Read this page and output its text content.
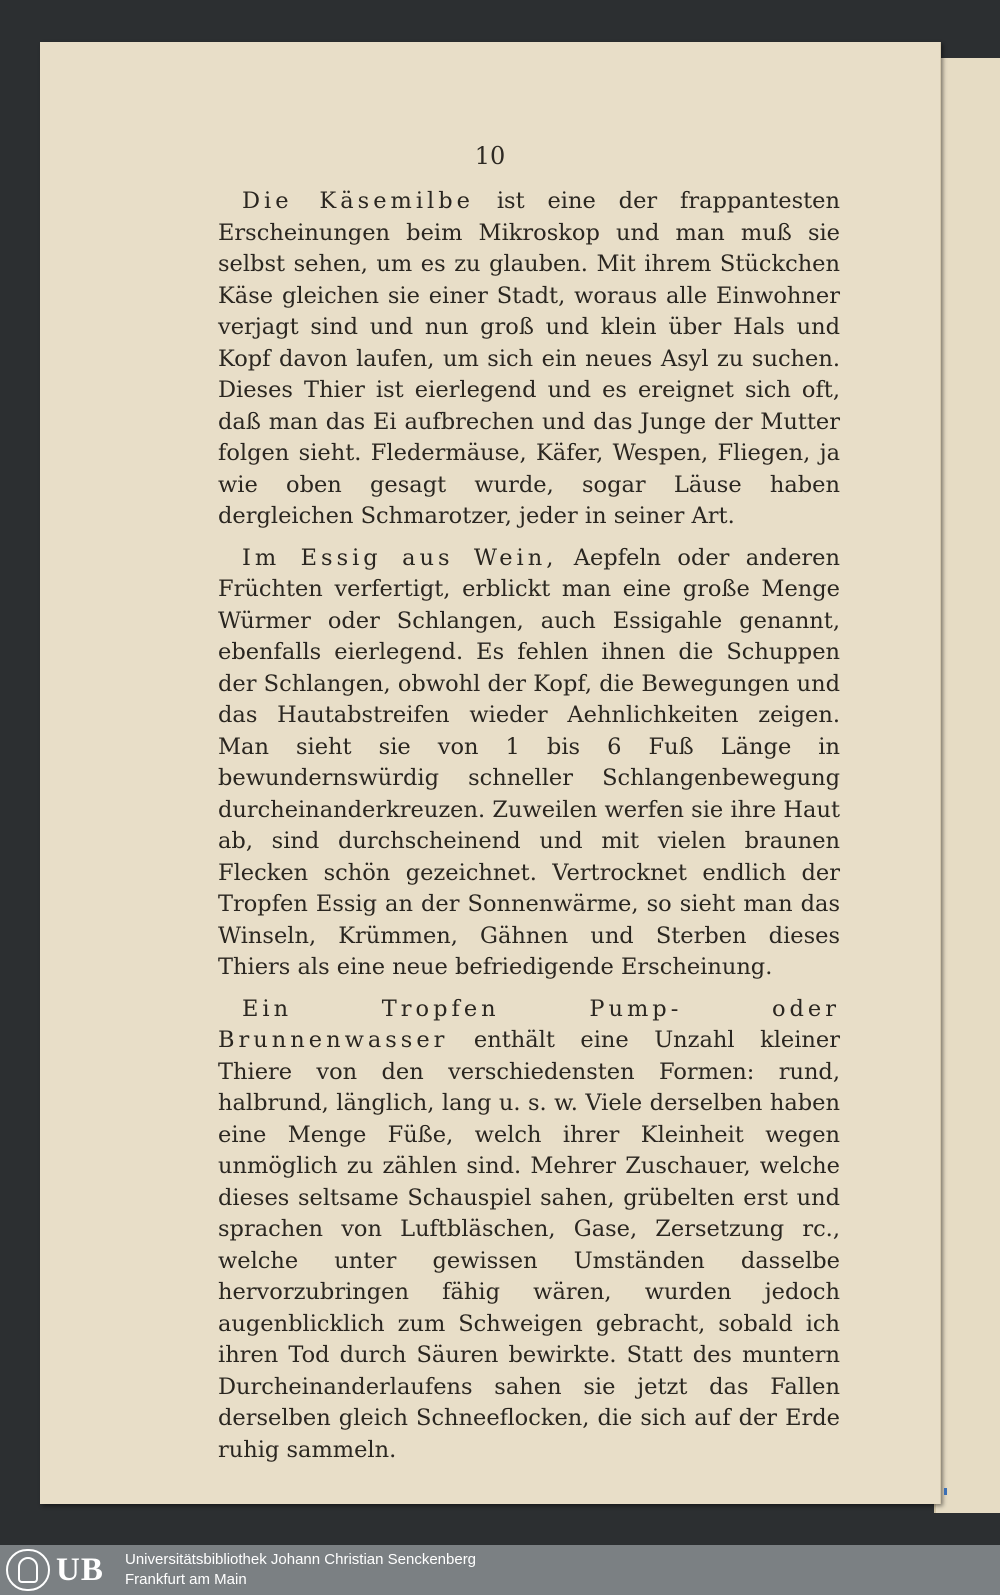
10

Die Käsemilbe ist eine der frappantesten Erscheinungen beim Mikroskop und man muß sie selbst sehen, um es zu glauben. Mit ihrem Stückchen Käse gleichen sie einer Stadt, woraus alle Einwohner verjagt sind und nun groß und klein über Hals und Kopf davon laufen, um sich ein neues Asyl zu suchen. Dieses Thier ist eierlegend und es ereignet sich oft, daß man das Ei aufbrechen und das Junge der Mutter folgen sieht. Fledermäuse, Käfer, Wespen, Fliegen, ja wie oben gesagt wurde, sogar Läuse haben dergleichen Schmarotzer, jeder in seiner Art.

Im Essig aus Wein, Aepfeln oder anderen Früchten verfertigt, erblickt man eine große Menge Würmer oder Schlangen, auch Essigahle genannt, ebenfalls eierlegend. Es fehlen ihnen die Schuppen der Schlangen, obwohl der Kopf, die Bewegungen und das Hautabstreifen wieder Aehnlichkeiten zeigen. Man sieht sie von 1 bis 6 Fuß Länge in bewundernswürdig schneller Schlangenbewegung durcheinanderkreuzen. Zuweilen werfen sie ihre Haut ab, sind durchscheinend und mit vielen braunen Flecken schön gezeichnet. Vertrocknet endlich der Tropfen Essig an der Sonnenwärme, so sieht man das Winseln, Krümmen, Gähnen und Sterben dieses Thiers als eine neue befriedigende Erscheinung.

Ein Tropfen Pump- oder Brunnenwasser enthält eine Unzahl kleiner Thiere von den verschiedensten Formen: rund, halbrund, länglich, lang u. s. w. Viele derselben haben eine Menge Füße, welch ihrer Kleinheit wegen unmöglich zu zählen sind. Mehrer Zuschauer, welche dieses seltsame Schauspiel sahen, grübelten erst und sprachen von Luftbläschen, Gase, Zersetzung rc., welche unter gewissen Umständen dasselbe hervorzubringen fähig wären, wurden jedoch augenblicklich zum Schweigen gebracht, sobald ich ihren Tod durch Säuren bewirkte. Statt des muntern Durcheinanderlaufens sahen sie jetzt das Fallen derselben gleich Schneeflocken, die sich auf der Erde ruhig sammeln.

UB Universitätsbibliothek Johann Christian Senckenberg
Frankfurt am Main
